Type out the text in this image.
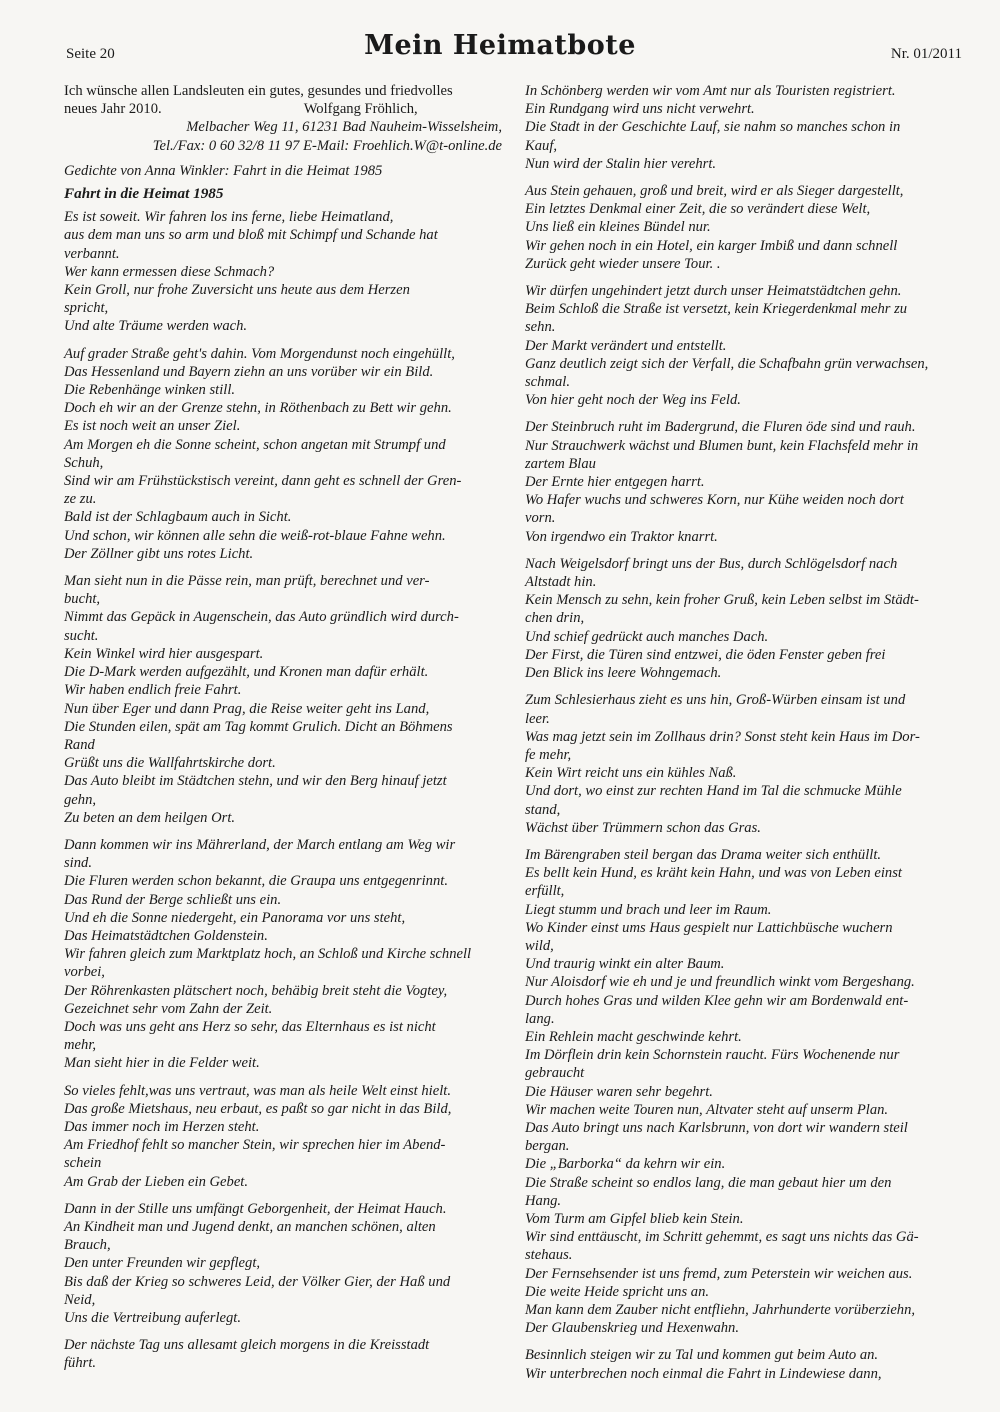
Seite 20	Mein Heimatbote	Nr. 01/2011
Ich wünsche allen Landsleuten ein gutes, gesundes und friedvolles
neues Jahr 2010.                                       Wolfgang Fröhlich,
Melbacher Weg 11, 61231 Bad Nauheim-Wisselsheim,
Tel./Fax: 0 60 32/8 11 97 E-Mail: Froehlich.W@t-online.de
Gedichte von Anna Winkler: Fahrt in die Heimat 1985
Fahrt in die Heimat 1985
Es ist soweit. Wir fahren los ins ferne, liebe Heimatland,
aus dem man uns so arm und bloß mit Schimpf und Schande hat
verbannt.
Wer kann ermessen diese Schmach?
Kein Groll, nur frohe Zuversicht uns heute aus dem Herzen
spricht,
Und alte Träume werden wach.
Auf grader Straße geht's dahin. Vom Morgendunst noch eingehüllt,
Das Hessenland und Bayern ziehn an uns vorüber wir ein Bild.
Die Rebenhänge winken still.
Doch eh wir an der Grenze stehn, in Röthenbach zu Bett wir gehn.
Es ist noch weit an unser Ziel.
Am Morgen eh die Sonne scheint, schon angetan mit Strumpf und
Schuh,
Sind wir am Frühstückstisch vereint, dann geht es schnell der Gren-
ze zu.
Bald ist der Schlagbaum auch in Sicht.
Und schon, wir können alle sehn die weiß-rot-blaue Fahne wehn.
Der Zöllner gibt uns rotes Licht.
Man sieht nun in die Pässe rein, man prüft, berechnet und ver-
bucht,
Nimmt das Gepäck in Augenschein, das Auto gründlich wird durch-
sucht.
Kein Winkel wird hier ausgespart.
Die D-Mark werden aufgezählt, und Kronen man dafür erhält.
Wir haben endlich freie Fahrt.
Nun über Eger und dann Prag, die Reise weiter geht ins Land,
Die Stunden eilen, spät am Tag kommt Grulich. Dicht an Böhmens
Rand
Grüßt uns die Wallfahrtskirche dort.
Das Auto bleibt im Städtchen stehn, und wir den Berg hinauf jetzt
gehn,
Zu beten an dem heilgen Ort.
Dann kommen wir ins Mährerland, der March entlang am Weg wir
sind.
Die Fluren werden schon bekannt, die Graupa uns entgegenrinnt.
Das Rund der Berge schließt uns ein.
Und eh die Sonne niedergeht, ein Panorama vor uns steht,
Das Heimatstädtchen Goldenstein.
Wir fahren gleich zum Marktplatz hoch, an Schloß und Kirche schnell
vorbei,
Der Röhrenkasten plätschert noch, behäbig breit steht die Vogtey,
Gezeichnet sehr vom Zahn der Zeit.
Doch was uns geht ans Herz so sehr, das Elternhaus es ist nicht
mehr,
Man sieht hier in die Felder weit.
So vieles fehlt,was uns vertraut, was man als heile Welt einst hielt.
Das große Mietshaus, neu erbaut, es paßt so gar nicht in das Bild,
Das immer noch im Herzen steht.
Am Friedhof fehlt so mancher Stein, wir sprechen hier im Abend-
schein
Am Grab der Lieben ein Gebet.
Dann in der Stille uns umfängt Geborgenheit, der Heimat Hauch.
An Kindheit man und Jugend denkt, an manchen schönen, alten
Brauch,
Den unter Freunden wir gepflegt,
Bis daß der Krieg so schweres Leid, der Völker Gier, der Haß und
Neid,
Uns die Vertreibung auferlegt.
Der nächste Tag uns allesamt gleich morgens in die Kreisstadt
führt.
In Schönberg werden wir vom Amt nur als Touristen registriert.
Ein Rundgang wird uns nicht verwehrt.
Die Stadt in der Geschichte Lauf, sie nahm so manches schon in
Kauf,
Nun wird der Stalin hier verehrt.
Aus Stein gehauen, groß und breit, wird er als Sieger dargestellt,
Ein letztes Denkmal einer Zeit, die so verändert diese Welt,
Uns ließ ein kleines Bündel nur.
Wir gehen noch in ein Hotel, ein karger Imbiß und dann schnell
Zurück geht wieder unsere Tour. .
Wir dürfen ungehindert jetzt durch unser Heimatstädtchen gehn.
Beim Schloß die Straße ist versetzt, kein Kriegerdenkmal mehr zu
sehn.
Der Markt verändert und entstellt.
Ganz deutlich zeigt sich der Verfall, die Schafbahn grün verwachsen,
schmal.
Von hier geht noch der Weg ins Feld.
Der Steinbruch ruht im Badergrund, die Fluren öde sind und rauh.
Nur Strauchwerk wächst und Blumen bunt, kein Flachsfeld mehr in
zartem Blau
Der Ernte hier entgegen harrt.
Wo Hafer wuchs und schweres Korn, nur Kühe weiden noch dort
vorn.
Von irgendwo ein Traktor knarrt.
Nach Weigelsdorf bringt uns der Bus, durch Schlögelsdorf nach
Altstadt hin.
Kein Mensch zu sehn, kein froher Gruß, kein Leben selbst im Städt-
chen drin,
Und schief gedrückt auch manches Dach.
Der First, die Türen sind entzwei, die öden Fenster geben frei
Den Blick ins leere Wohngemach.
Zum Schlesierhaus zieht es uns hin, Groß-Würben einsam ist und
leer.
Was mag jetzt sein im Zollhaus drin? Sonst steht kein Haus im Dor-
fe mehr,
Kein Wirt reicht uns ein kühles Naß.
Und dort, wo einst zur rechten Hand im Tal die schmucke Mühle
stand,
Wächst über Trümmern schon das Gras.
Im Bärengraben steil bergan das Drama weiter sich enthüllt.
Es bellt kein Hund, es kräht kein Hahn, und was von Leben einst
erfüllt,
Liegt stumm und brach und leer im Raum.
Wo Kinder einst ums Haus gespielt nur Lattichbüsche wuchern
wild,
Und traurig winkt ein alter Baum.
Nur Aloisdorf wie eh und je und freundlich winkt vom Bergeshang.
Durch hohes Gras und wilden Klee gehn wir am Bordenwald ent-
lang.
Ein Rehlein macht geschwinde kehrt.
Im Dörflein drin kein Schornstein raucht. Fürs Wochenende nur
gebraucht
Die Häuser waren sehr begehrt.
Wir machen weite Touren nun, Altvater steht auf unserm Plan.
Das Auto bringt uns nach Karlsbrunn, von dort wir wandern steil
bergan.
Die „Barborka“ da kehrn wir ein.
Die Straße scheint so endlos lang, die man gebaut hier um den
Hang.
Vom Turm am Gipfel blieb kein Stein.
Wir sind enttäuscht, im Schritt gehemmt, es sagt uns nichts das Gä-
stehaus.
Der Fernsehsender ist uns fremd, zum Peterstein wir weichen aus.
Die weite Heide spricht uns an.
Man kann dem Zauber nicht entfliehn, Jahrhunderte vorüberziehn,
Der Glaubenskrieg und Hexenwahn.
Besinnlich steigen wir zu Tal und kommen gut beim Auto an.
Wir unterbrechen noch einmal die Fahrt in Lindewiese dann,
